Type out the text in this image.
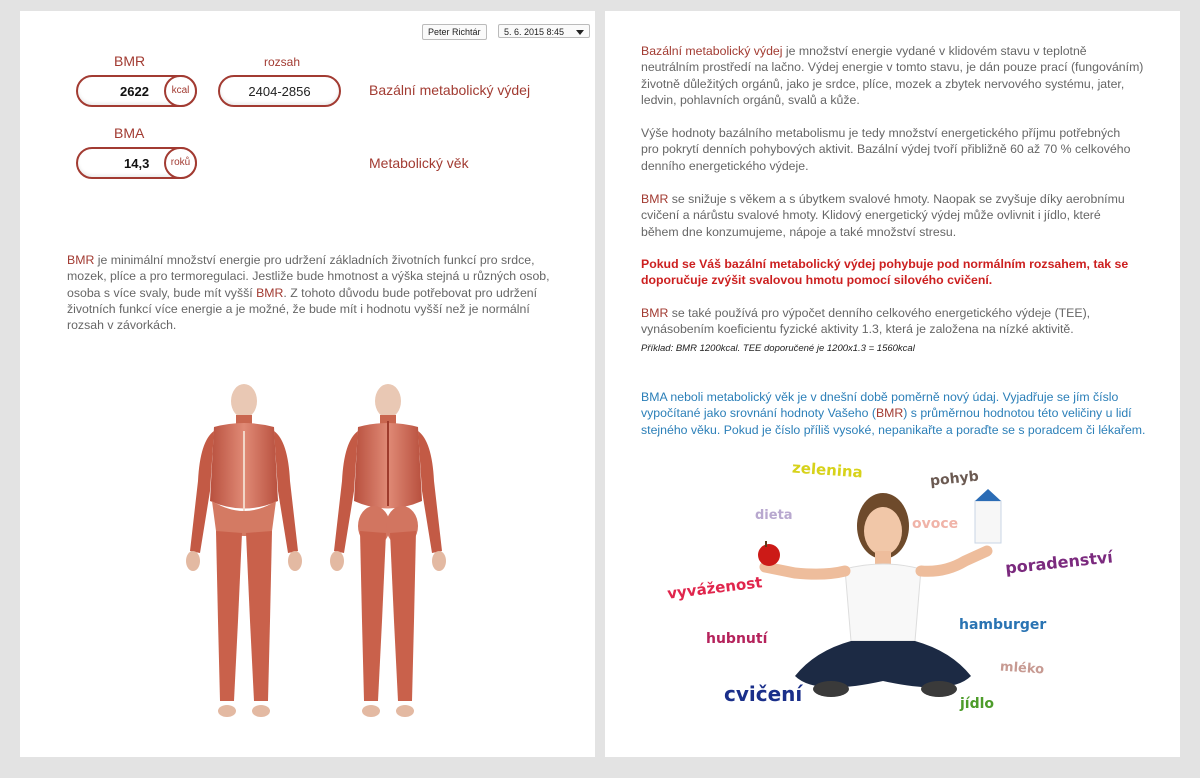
Peter Richtár	5. 6. 2015 8:45
BMR	rozsah
2622	kcal	2404-2856	Bazální metabolický výdej
BMA
14,3	roků	Metabolický věk
BMR je minimální množství energie pro udržení základních životních funkcí pro srdce, mozek, plíce a pro termoregulaci. Jestliže bude hmotnost a výška stejná u různých osob, osoba s více svaly, bude mít vyšší BMR. Z tohoto důvodu bude potřebovat pro udržení životních funkcí více energie a je možné, že bude mít i hodnotu vyšší než je normální rozsah v závorkách.
Bazální metabolický výdej je množství energie vydané v klidovém stavu v teplotně neutrálním prostředí na lačno. Výdej energie v tomto stavu, je dán pouze prací (fungováním) životně důležitých orgánů, jako je srdce, plíce, mozek a zbytek nervového systému, jater, ledvin, pohlavních orgánů, svalů a kůže.
Výše hodnoty bazálního metabolismu je tedy množství energetického příjmu potřebných pro pokrytí denních pohybových aktivit. Bazální výdej tvoří přibližně 60 až 70 % celkového denního energetického výdeje.
BMR se snižuje s věkem a s úbytkem svalové hmoty. Naopak se zvyšuje díky aerobnímu cvičení a nárůstu svalové hmoty. Klidový energetický výdej může ovlivnit i jídlo, které během dne konzumujeme, nápoje a také množství stresu.
Pokud se Váš bazální metabolický výdej pohybuje pod normálním rozsahem, tak se doporučuje zvýšit svalovou hmotu pomocí silového cvičení.
BMR se také používá pro výpočet denního celkového energetického výdeje (TEE), vynásobením koeficientu fyzické aktivity 1.3, která je založena na nízké aktivitě.
Příklad: BMR 1200kcal. TEE doporučené je 1200x1.3 = 1560kcal
BMA neboli metabolický věk je v dnešní době poměrně nový údaj. Vyjadřuje se jím číslo vypočítané jako srovnání hodnoty Vašeho (BMR) s průměrnou hodnotou této veličiny u lidí stejného věku. Pokud je číslo příliš vysoké, nepanikařte a poraďte se s poradcem či lékařem.
zelenina	pohyb
dieta
ovoce
poradenství
vyváženost
hamburger
hubnutí
mléko
cvičení	jídlo
